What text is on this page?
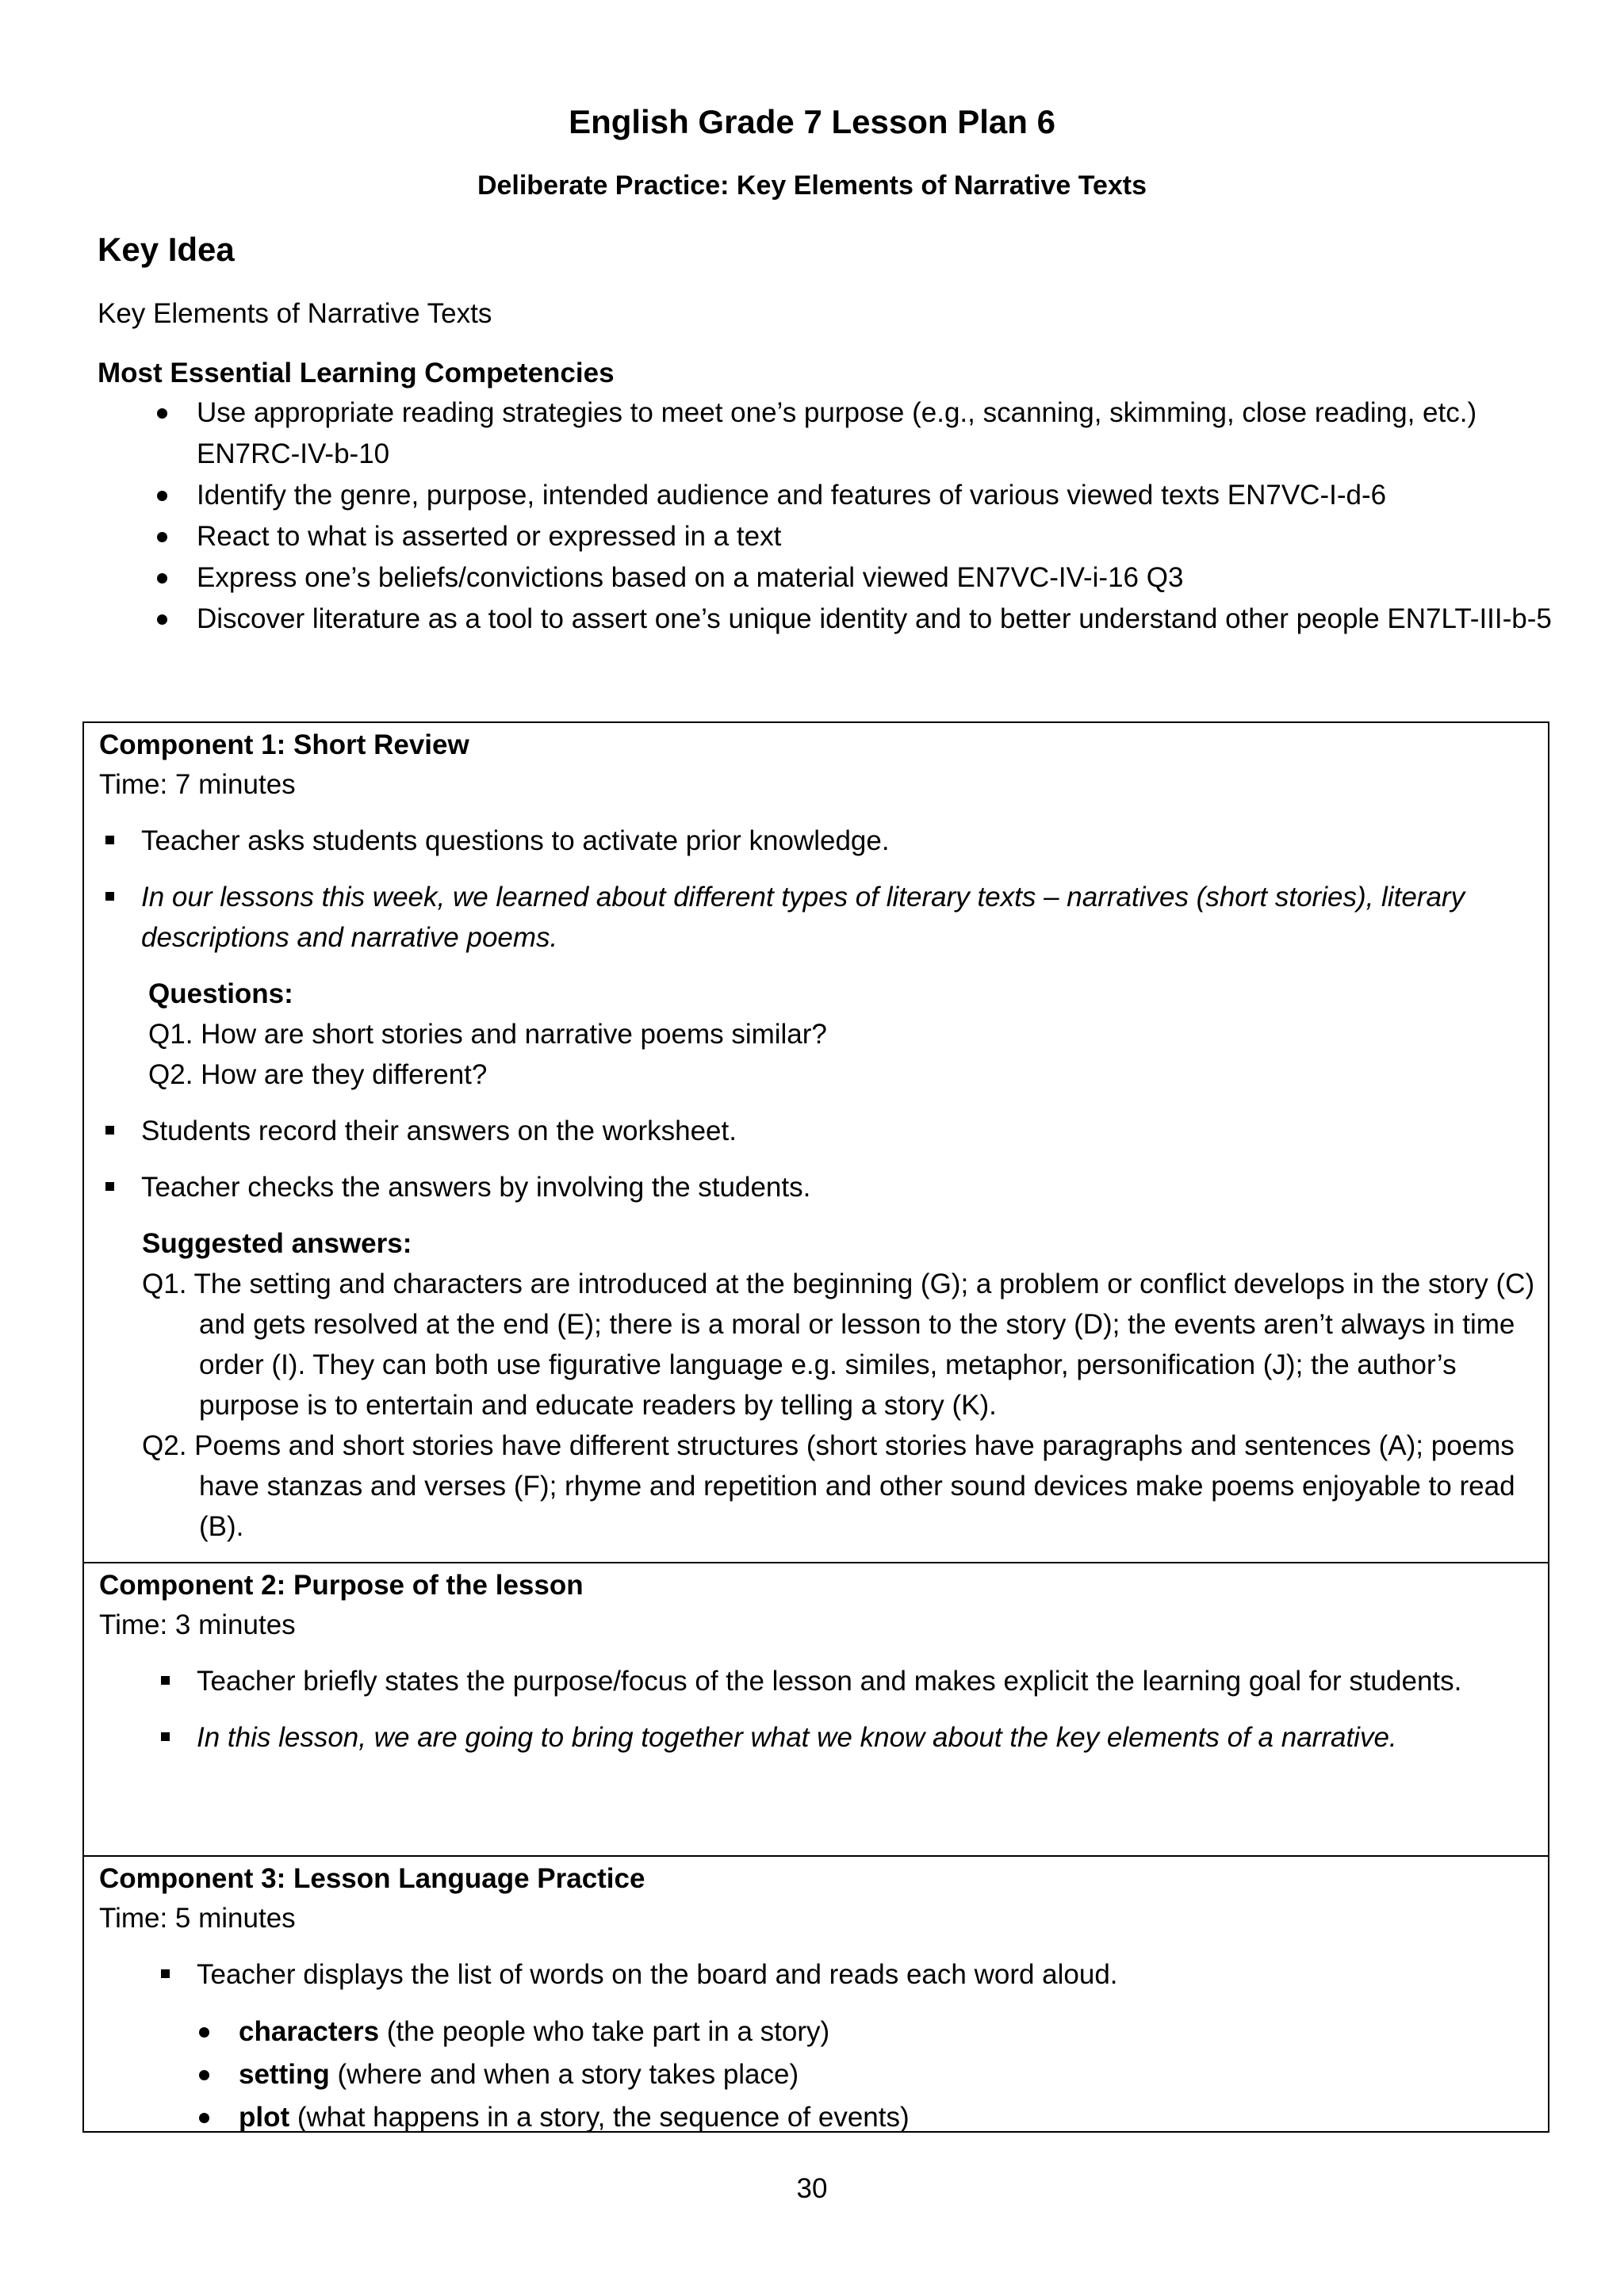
English Grade 7 Lesson Plan 6
Deliberate Practice: Key Elements of Narrative Texts
Key Idea
Key Elements of Narrative Texts
Most Essential Learning Competencies
Use appropriate reading strategies to meet one’s purpose (e.g., scanning, skimming, close reading, etc.) EN7RC-IV-b-10
Identify the genre, purpose, intended audience and features of various viewed texts EN7VC-I-d-6
React to what is asserted or expressed in a text
Express one’s beliefs/convictions based on a material viewed EN7VC-IV-i-16 Q3
Discover literature as a tool to assert one’s unique identity and to better understand other people EN7LT-III-b-5
Component 1: Short Review
Time: 7 minutes
Teacher asks students questions to activate prior knowledge.
In our lessons this week, we learned about different types of literary texts – narratives (short stories), literary descriptions and narrative poems.
Questions:
Q1. How are short stories and narrative poems similar?
Q2. How are they different?
Students record their answers on the worksheet.
Teacher checks the answers by involving the students.
Suggested answers:
Q1. The setting and characters are introduced at the beginning (G); a problem or conflict develops in the story (C) and gets resolved at the end (E); there is a moral or lesson to the story (D); the events aren’t always in time order (I). They can both use figurative language e.g. similes, metaphor, personification (J); the author’s purpose is to entertain and educate readers by telling a story (K).
Q2. Poems and short stories have different structures (short stories have paragraphs and sentences (A); poems have stanzas and verses (F); rhyme and repetition and other sound devices make poems enjoyable to read (B).
Component 2: Purpose of the lesson
Time: 3 minutes
Teacher briefly states the purpose/focus of the lesson and makes explicit the learning goal for students.
In this lesson, we are going to bring together what we know about the key elements of a narrative.
Component 3: Lesson Language Practice
Time: 5 minutes
Teacher displays the list of words on the board and reads each word aloud.
characters (the people who take part in a story)
setting (where and when a story takes place)
plot (what happens in a story, the sequence of events)
30
